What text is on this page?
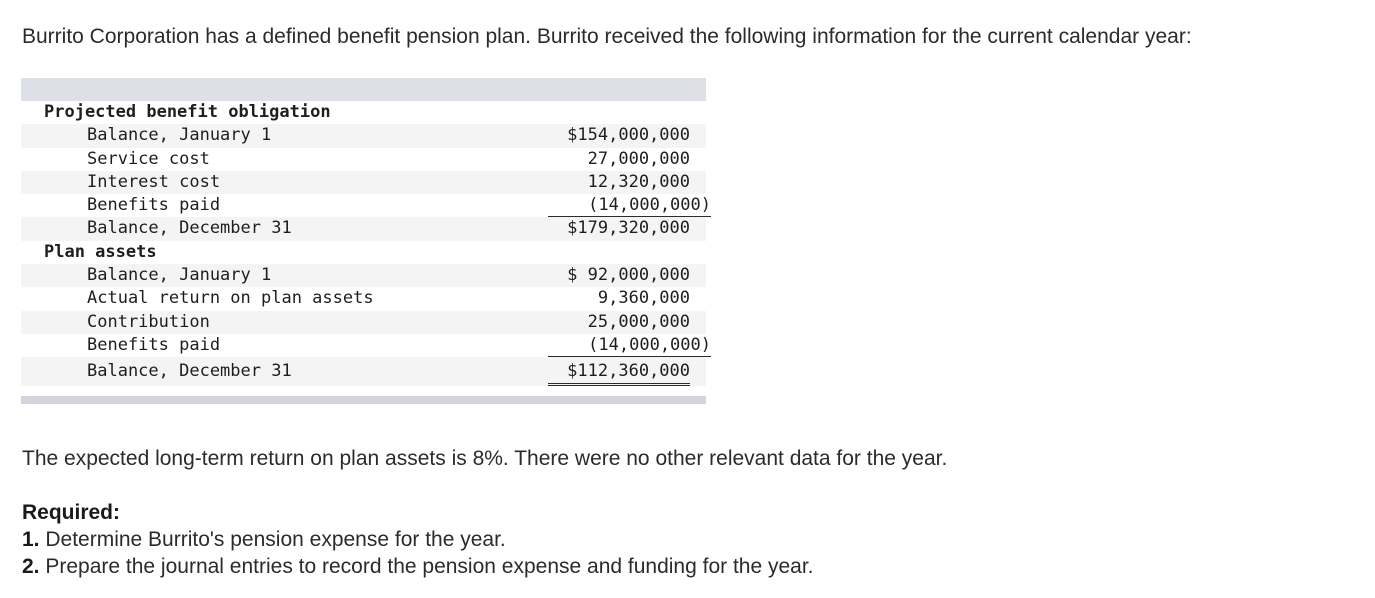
Burrito Corporation has a defined benefit pension plan. Burrito received the following information for the current calendar year:
Projected benefit obligation
Balance, January 1	$154,000,000
Service cost	27,000,000
Interest cost	12,320,000
Benefits paid	(14,000,000)
Balance, December 31	$179,320,000
Plan assets
Balance, January 1	$ 92,000,000
Actual return on plan assets	9,360,000
Contribution	25,000,000
Benefits paid	(14,000,000)
Balance, December 31	$112,360,000
The expected long-term return on plan assets is 8%. There were no other relevant data for the year.
Required:
1. Determine Burrito's pension expense for the year.
2. Prepare the journal entries to record the pension expense and funding for the year.
